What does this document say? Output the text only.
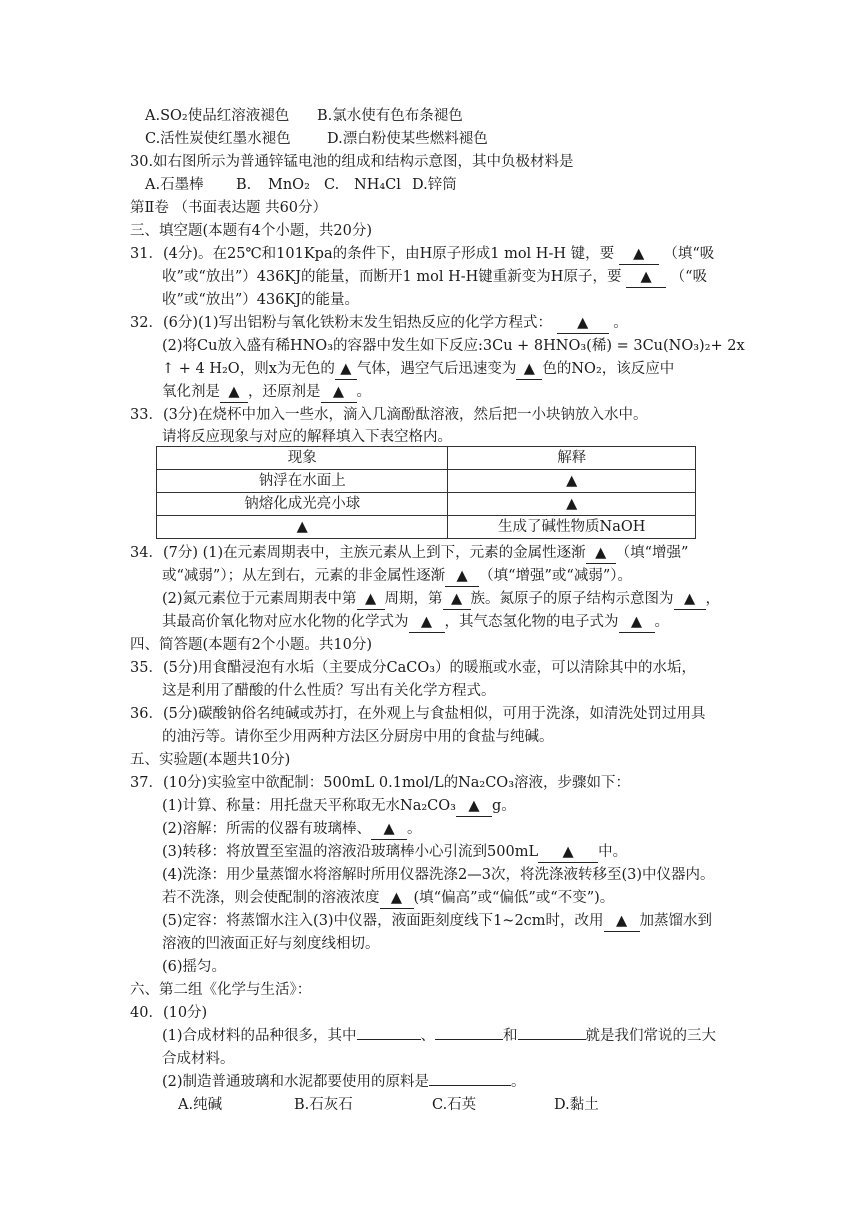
A.SO₂使品红溶液褪色 B.氯水使有色布条褪色
C.活性炭使红墨水褪色	D.漂白粉使某些燃料褪色
30.如右图所示为普通锌锰电池的组成和结构示意图，其中负极材料是
A.石墨棒 B. MnO₂ C. NH₄Cl D.锌筒
第Ⅱ卷 （书面表达题 共60分）
三、填空题(本题有4个小题，共20分)
31．(4分)。在25℃和101Kpa的条件下，由H原子形成1 mol H-H 键，要 ▲ （填“吸
收”或“放出”）436KJ的能量，而断开1 mol H-H键重新变为H原子，要 ▲ （“吸
收”或“放出”）436KJ的能量。
32．(6分)(1)写出铝粉与氧化铁粉末发生铝热反应的化学方程式： ▲ 。
(2)将Cu放入盛有稀HNO₃的容器中发生如下反应:3Cu + 8HNO₃(稀) = 3Cu(NO₃)₂+ 2x
↑ + 4 H₂O，则x为无色的 ▲ 气体，遇空气后迅速变为 ▲ 色的NO₂，该反应中
氧化剂是 ▲ ，还原剂是 ▲ 。
33．(3分)在烧杯中加入一些水，滴入几滴酚酞溶液，然后把一小块钠放入水中。
请将反应现象与对应的解释填入下表空格内。
现象	解释
钠浮在水面上	▲
钠熔化成光亮小球	▲
▲	生成了碱性物质NaOH
34．(7分) (1)在元素周期表中，主族元素从上到下，元素的金属性逐渐 ▲ （填“增强”
或“减弱”）；从左到右，元素的非金属性逐渐 ▲ （填“增强”或“减弱”）。
(2)氮元素位于元素周期表中第 ▲ 周期，第 ▲ 族。氮原子的原子结构示意图为 ▲ ，
其最高价氧化物对应水化物的化学式为 ▲ ，其气态氢化物的电子式为 ▲ 。
四、简答题(本题有2个小题。共10分)
35．(5分)用食醋浸泡有水垢（主要成分CaCO₃）的暖瓶或水壶，可以清除其中的水垢，
这是利用了醋酸的什么性质？写出有关化学方程式。
36．(5分)碳酸钠俗名纯碱或苏打，在外观上与食盐相似，可用于洗涤，如清洗处罚过用具
的油污等。请你至少用两种方法区分厨房中用的食盐与纯碱。
五、实验题(本题共10分)
37．(10分)实验室中欲配制：500mL 0.1mol/L的Na₂CO₃溶液，步骤如下：
(1)计算、称量：用托盘天平称取无水Na₂CO₃ ▲ g。
(2)溶解：所需的仪器有玻璃棒、 ▲ 。
(3)转移：将放置至室温的溶液沿玻璃棒小心引流到500mL ▲ 中。
(4)洗涤：用少量蒸馏水将溶解时所用仪器洗涤2—3次，将洗涤液转移至(3)中仪器内。
若不洗涤，则会使配制的溶液浓度 ▲ (填“偏高”或“偏低”或“不变”)。
(5)定容：将蒸馏水注入(3)中仪器，液面距刻度线下1~2cm时，改用 ▲ 加蒸馏水到
溶液的凹液面正好与刻度线相切。
(6)摇匀。
六、第二组《化学与生活》：
40．(10分)
(1)合成材料的品种很多，其中	、	和	就是我们常说的三大
合成材料。
(2)制造普通玻璃和水泥都要使用的原料是	。
A.纯碱	B.石灰石	C.石英	D.黏土
